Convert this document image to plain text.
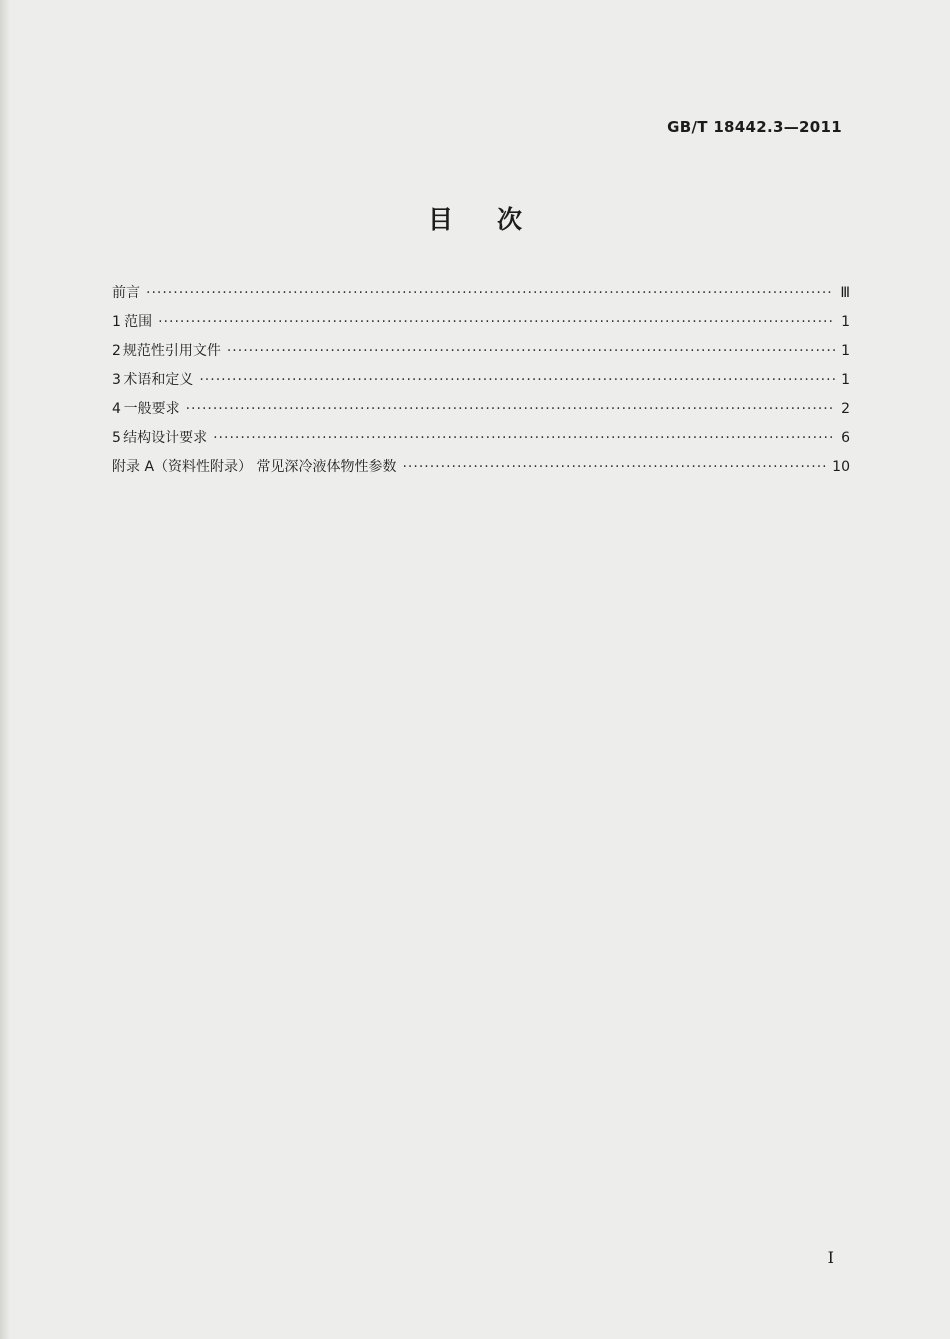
GB/T 18442.3—2011
目次
前言 ·····	Ⅲ
1 范围 ·····	1
2 规范性引用文件 ·····	1
3 术语和定义 ·····	1
4 一般要求 ·····	2
5 结构设计要求 ·····	6
附录 A（资料性附录） 常见深冷液体物性参数 ·····	10
I
